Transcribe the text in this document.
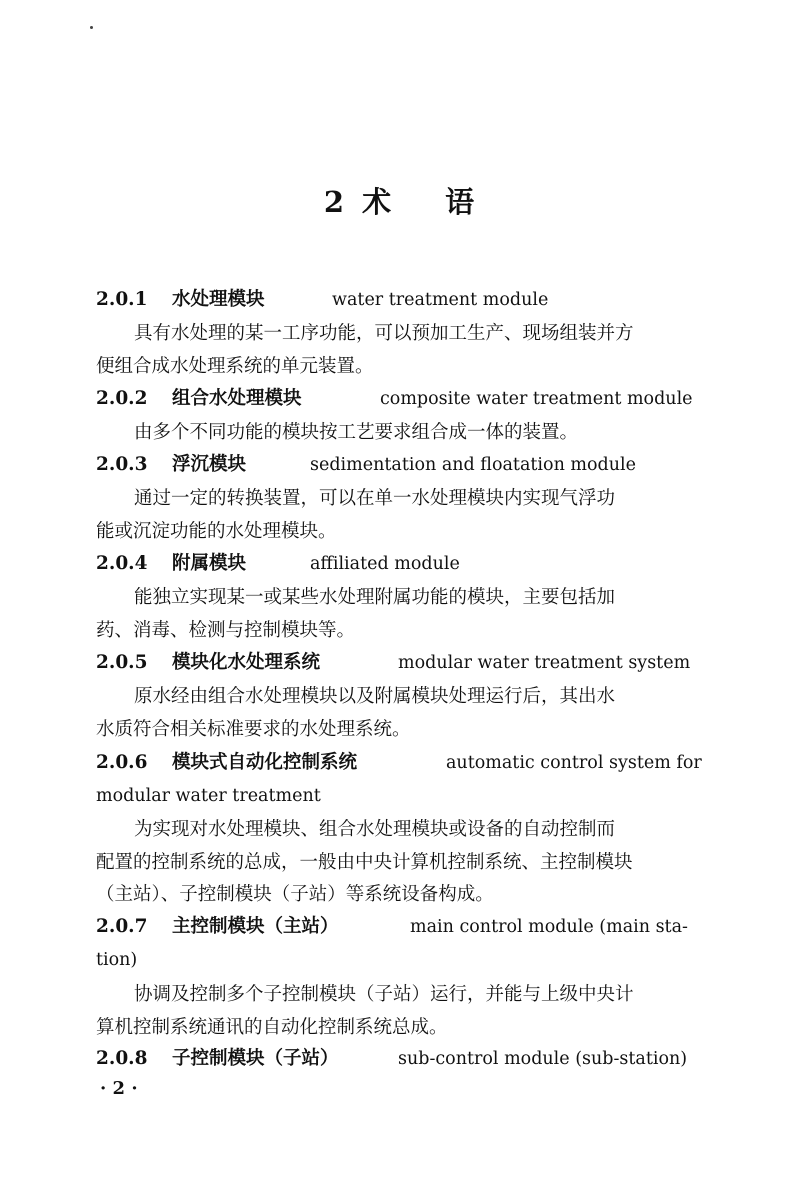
2 术 语
2.0.1 水处理模块	water treatment module
具有水处理的某一工序功能，可以预加工生产、现场组装并方
便组合成水处理系统的单元装置。
2.0.2 组合水处理模块	composite water treatment module
由多个不同功能的模块按工艺要求组合成一体的装置。
2.0.3 浮沉模块	sedimentation and floatation module
通过一定的转换装置，可以在单一水处理模块内实现气浮功
能或沉淀功能的水处理模块。
2.0.4 附属模块	affiliated module
能独立实现某一或某些水处理附属功能的模块，主要包括加
药、消毒、检测与控制模块等。
2.0.5 模块化水处理系统	modular water treatment system
原水经由组合水处理模块以及附属模块处理运行后，其出水
水质符合相关标准要求的水处理系统。
2.0.6 模块式自动化控制系统	automatic control system for
modular water treatment
为实现对水处理模块、组合水处理模块或设备的自动控制而
配置的控制系统的总成，一般由中央计算机控制系统、主控制模块
（主站）、子控制模块（子站）等系统设备构成。
2.0.7 主控制模块（主站）	main control module (main sta-
tion)
协调及控制多个子控制模块（子站）运行，并能与上级中央计
算机控制系统通讯的自动化控制系统总成。
2.0.8 子控制模块（子站）	sub-control module (sub-station)
· 2 ·
